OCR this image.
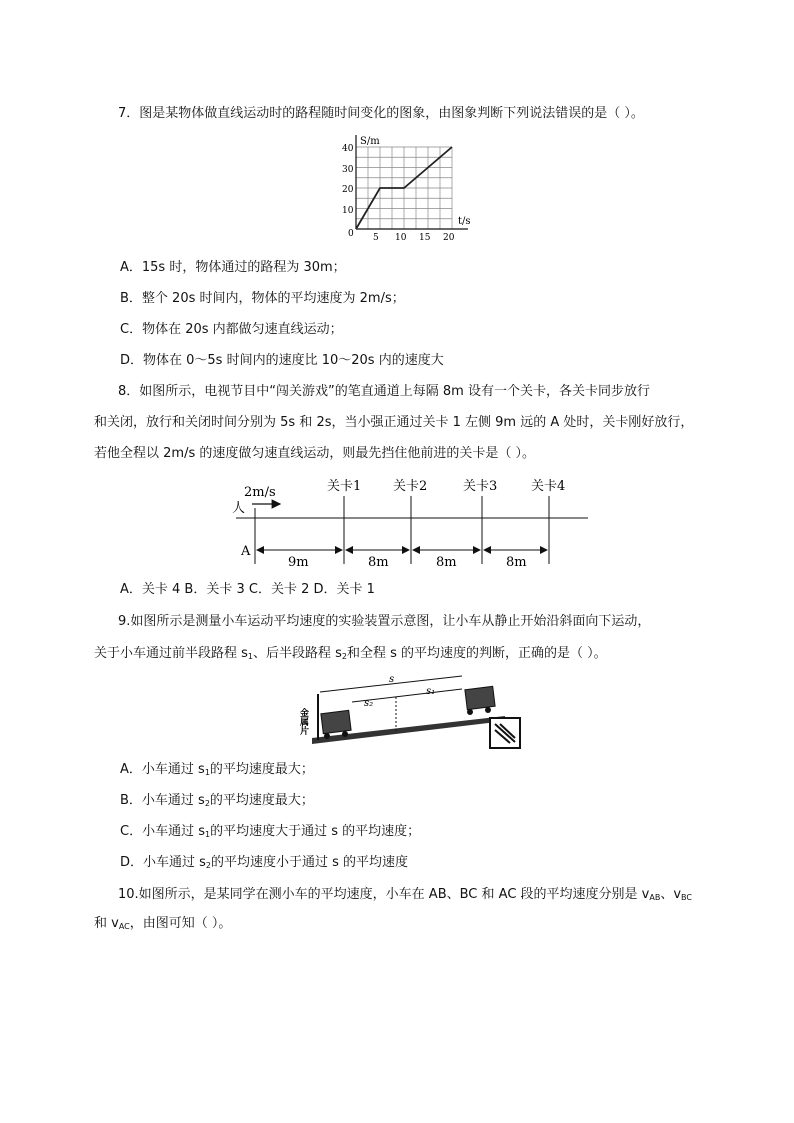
7．图是某物体做直线运动时的路程随时间变化的图象，由图象判断下列说法错误的是（ ）。
S/m
t/s
40
30
20
10
0 5 10 15 20
A．15s 时，物体通过的路程为 30m；
B．整个 20s 时间内，物体的平均速度为 2m/s；
C．物体在 20s 内都做匀速直线运动；
D．物体在 0～5s 时间内的速度比 10～20s 内的速度大
8．如图所示，电视节目中“闯关游戏”的笔直通道上每隔 8m 设有一个关卡，各关卡同步放行
和关闭，放行和关闭时间分别为 5s 和 2s，当小强正通过关卡 1 左侧 9m 远的 A 处时，关卡刚好放行，
若他全程以 2m/s 的速度做匀速直线运动，则最先挡住他前进的关卡是（ ）。
2m/s
人
A
关卡1 关卡2	关卡3	关卡4
9m	8m	8m	8m
A．关卡 4 B．关卡 3 C．关卡 2 D．关卡 1
9.如图所示是测量小车运动平均速度的实验装置示意图，让小车从静止开始沿斜面向下运动，
关于小车通过前半段路程 $s_1$、后半段路程 $s_2$和全程 s 的平均速度的判断，正确的是（ ）。
金属片
s
s₁
s₂
A．小车通过 $s_1$的平均速度最大；
B．小车通过 $s_2$的平均速度最大；
C．小车通过 $s_1$的平均速度大于通过 s 的平均速度；
D．小车通过 $s_2$的平均速度小于通过 s 的平均速度
10.如图所示，是某同学在测小车的平均速度，小车在 AB、BC 和 AC 段的平均速度分别是 $v_{AB}$、$v_{BC}$
和 $v_{AC}$，由图可知（ ）。
